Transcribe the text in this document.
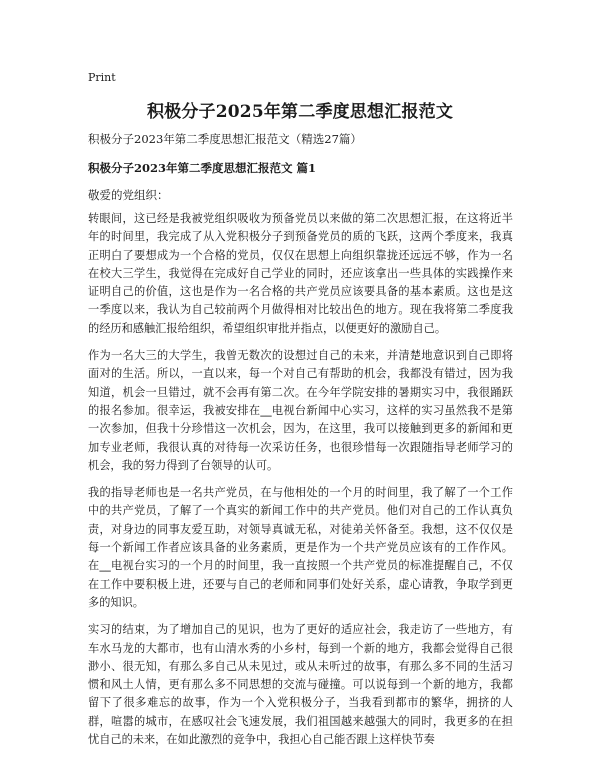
Print
积极分子2025年第二季度思想汇报范文
积极分子2023年第二季度思想汇报范文（精选27篇）
积极分子2023年第二季度思想汇报范文 篇1
敬爱的党组织：

转眼间，这已经是我被党组织吸收为预备党员以来做的第二次思想汇报，在这将近半年的时间里，我完成了从入党积极分子到预备党员的质的飞跃，这两个季度来，我真正明白了要想成为一个合格的党员，仅仅在思想上向组织靠拢还远远不够，作为一名在校大三学生，我觉得在完成好自己学业的同时，还应该拿出一些具体的实践操作来证明自己的价值，这也是作为一名合格的共产党员应该要具备的基本素质。这也是这一季度以来，我认为自己较前两个月做得相对比较出色的地方。现在我将第二季度我的经历和感触汇报给组织，希望组织审批并指点，以便更好的激励自己。

作为一名大三的大学生，我曾无数次的设想过自己的未来，并清楚地意识到自己即将面对的生活。所以，一直以来，每一个对自己有帮助的机会，我都没有错过，因为我知道，机会一旦错过，就不会再有第二次。在今年学院安排的暑期实习中，我很踊跃的报名参加。很幸运，我被安排在__电视台新闻中心实习，这样的实习虽然我不是第一次参加，但我十分珍惜这一次机会，因为，在这里，我可以接触到更多的新闻和更加专业老师，我很认真的对待每一次采访任务，也很珍惜每一次跟随指导老师学习的机会，我的努力得到了台领导的认可。

我的指导老师也是一名共产党员，在与他相处的一个月的时间里，我了解了一个工作中的共产党员，了解了一个真实的新闻工作中的共产党员。他们对自己的工作认真负责，对身边的同事友爱互助，对领导真诚无私，对徒弟关怀备至。我想，这不仅仅是每一个新闻工作者应该具备的业务素质，更是作为一个共产党员应该有的工作作风。在__电视台实习的一个月的时间里，我一直按照一个共产党员的标准提醒自己，不仅在工作中要积极上进，还要与自己的老师和同事们处好关系，虚心请教，争取学到更多的知识。

实习的结束，为了增加自己的见识，也为了更好的适应社会，我走访了一些地方，有车水马龙的大都市，也有山清水秀的小乡村，每到一个新的地方，我都会觉得自己很渺小、很无知，有那么多自己从未见过，或从未听过的故事，有那么多不同的生活习惯和风土人情，更有那么多不同思想的交流与碰撞。可以说每到一个新的地方，我都留下了很多难忘的故事，作为一个入党积极分子，当我看到都市的繁华，拥挤的人群，喧嚣的城市，在感叹社会飞速发展，我们祖国越来越强大的同时，我更多的在担忧自己的未来，在如此激烈的竞争中，我担心自己能否跟上这样快节奏
